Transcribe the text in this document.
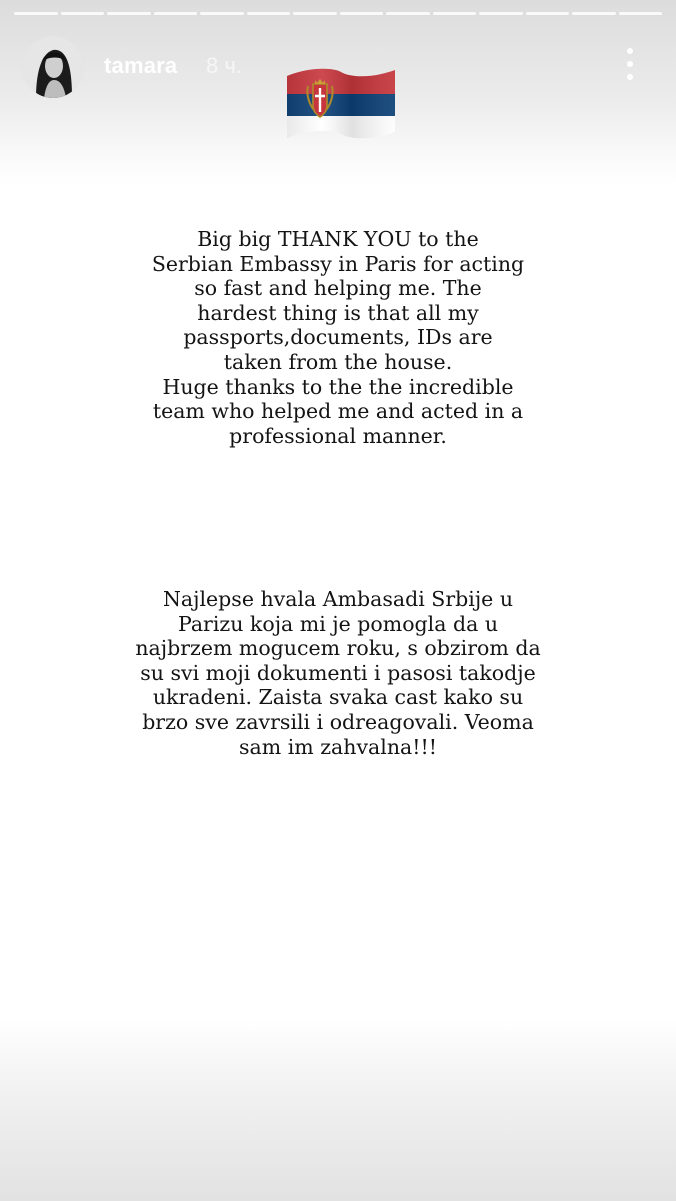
tamara 8 ч.
Big big THANK YOU to the
Serbian Embassy in Paris for acting
so fast and helping me. The
hardest thing is that all my
passports,documents, IDs are
taken from the house.
Huge thanks to the the incredible
team who helped me and acted in a
professional manner.
Najlepse hvala Ambasadi Srbije u
Parizu koja mi je pomogla da u
najbrzem mogucem roku, s obzirom da
su svi moji dokumenti i pasosi takodje
ukradeni. Zaista svaka cast kako su
brzo sve zavrsili i odreagovali. Veoma
sam im zahvalna!!!
